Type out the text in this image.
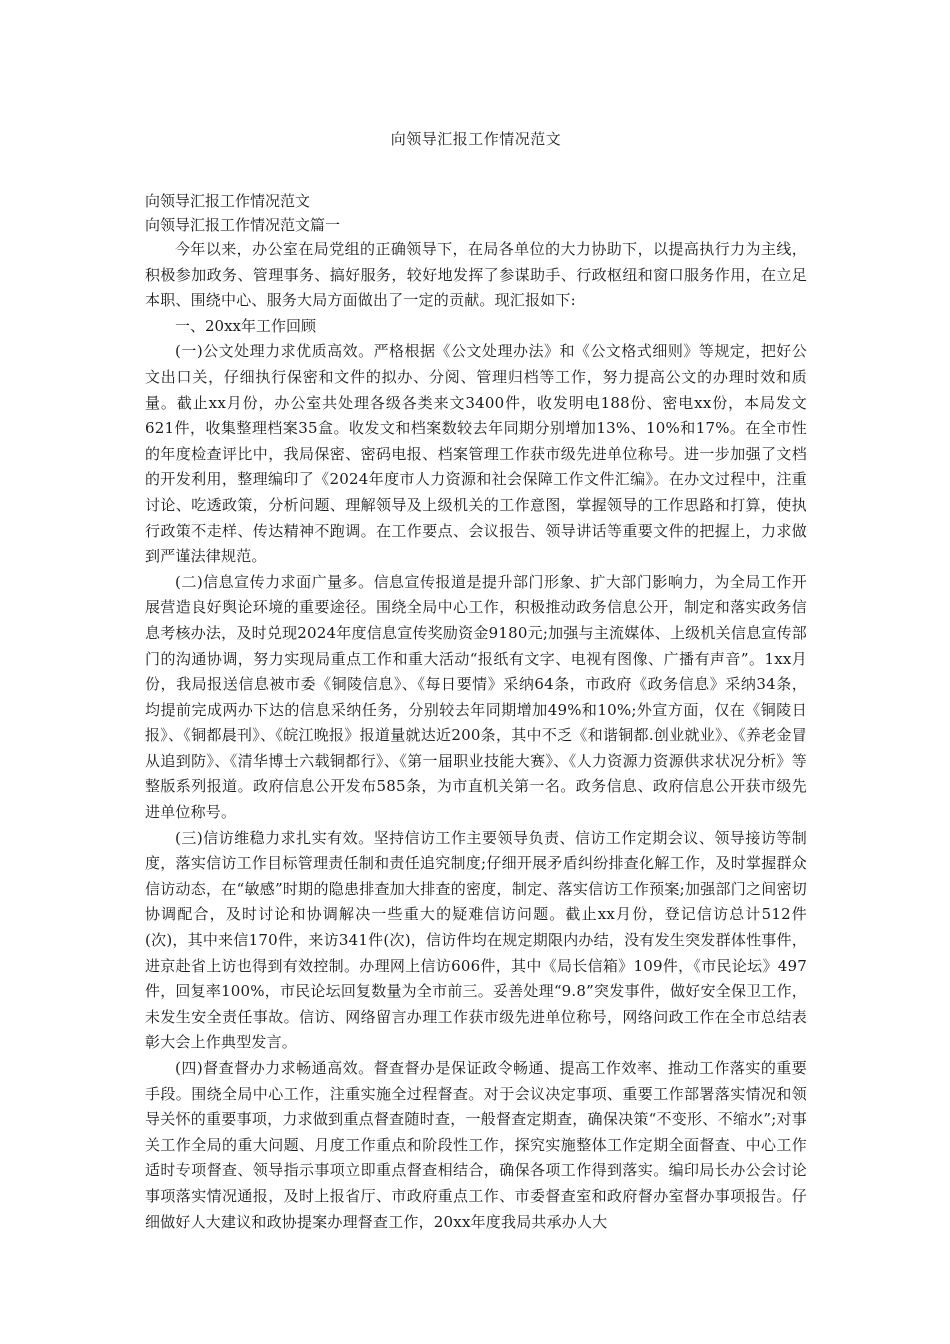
向领导汇报工作情况范文
向领导汇报工作情况范文
向领导汇报工作情况范文篇一

今年以来，办公室在局党组的正确领导下，在局各单位的大力协助下，以提高执行力为主线，积极参加政务、管理事务、搞好服务，较好地发挥了参谋助手、行政枢纽和窗口服务作用，在立足本职、围绕中心、服务大局方面做出了一定的贡献。现汇报如下:

一、20xx年工作回顾

(一)公文处理力求优质高效。严格根据《公文处理办法》和《公文格式细则》等规定，把好公文出口关，仔细执行保密和文件的拟办、分阅、管理归档等工作，努力提高公文的办理时效和质量。截止xx月份，办公室共处理各级各类来文3400件，收发明电188份、密电xx份，本局发文621件，收集整理档案35盒。收发文和档案数较去年同期分别增加13%、10%和17%。在全市性的年度检查评比中，我局保密、密码电报、档案管理工作获市级先进单位称号。进一步加强了文档的开发利用，整理编印了《2024年度市人力资源和社会保障工作文件汇编》。在办文过程中，注重讨论、吃透政策，分析问题、理解领导及上级机关的工作意图，掌握领导的工作思路和打算，使执行政策不走样、传达精神不跑调。在工作要点、会议报告、领导讲话等重要文件的把握上，力求做到严谨法律规范。

(二)信息宣传力求面广量多。信息宣传报道是提升部门形象、扩大部门影响力，为全局工作开展营造良好舆论环境的重要途径。围绕全局中心工作，积极推动政务信息公开，制定和落实政务信息考核办法，及时兑现2024年度信息宣传奖励资金9180元;加强与主流媒体、上级机关信息宣传部门的沟通协调，努力实现局重点工作和重大活动“报纸有文字、电视有图像、广播有声音”。1xx月份，我局报送信息被市委《铜陵信息》、《每日要情》采纳64条，市政府《政务信息》采纳34条，均提前完成两办下达的信息采纳任务，分别较去年同期增加49%和10%;外宣方面，仅在《铜陵日报》、《铜都晨刊》、《皖江晚报》报道量就达近200条，其中不乏《和谐铜都.创业就业》、《养老金冒从追到防》、《清华博士六载铜都行》、《第一届职业技能大赛》、《人力资源力资源供求状况分析》等整版系列报道。政府信息公开发布585条，为市直机关第一名。政务信息、政府信息公开获市级先进单位称号。

(三)信访维稳力求扎实有效。坚持信访工作主要领导负责、信访工作定期会议、领导接访等制度，落实信访工作目标管理责任制和责任追究制度;仔细开展矛盾纠纷排查化解工作，及时掌握群众信访动态，在“敏感”时期的隐患排查加大排查的密度，制定、落实信访工作预案;加强部门之间密切协调配合，及时讨论和协调解决一些重大的疑难信访问题。截止xx月份，登记信访总计512件(次)，其中来信170件，来访341件(次)，信访件均在规定期限内办结，没有发生突发群体性事件，进京赴省上访也得到有效控制。办理网上信访606件，其中《局长信箱》109件，《市民论坛》497件，回复率100%，市民论坛回复数量为全市前三。妥善处理“9.8”突发事件，做好安全保卫工作，未发生安全责任事故。信访、网络留言办理工作获市级先进单位称号，网络问政工作在全市总结表彰大会上作典型发言。

(四)督查督办力求畅通高效。督查督办是保证政令畅通、提高工作效率、推动工作落实的重要手段。围绕全局中心工作，注重实施全过程督查。对于会议决定事项、重要工作部署落实情况和领导关怀的重要事项，力求做到重点督查随时查，一般督查定期查，确保决策“不变形、不缩水”;对事关工作全局的重大问题、月度工作重点和阶段性工作，探究实施整体工作定期全面督查、中心工作适时专项督查、领导指示事项立即重点督查相结合，确保各项工作得到落实。编印局长办公会讨论事项落实情况通报，及时上报省厅、市政府重点工作、市委督查室和政府督办室督办事项报告。仔细做好人大建议和政协提案办理督查工作，20xx年度我局共承办人大
